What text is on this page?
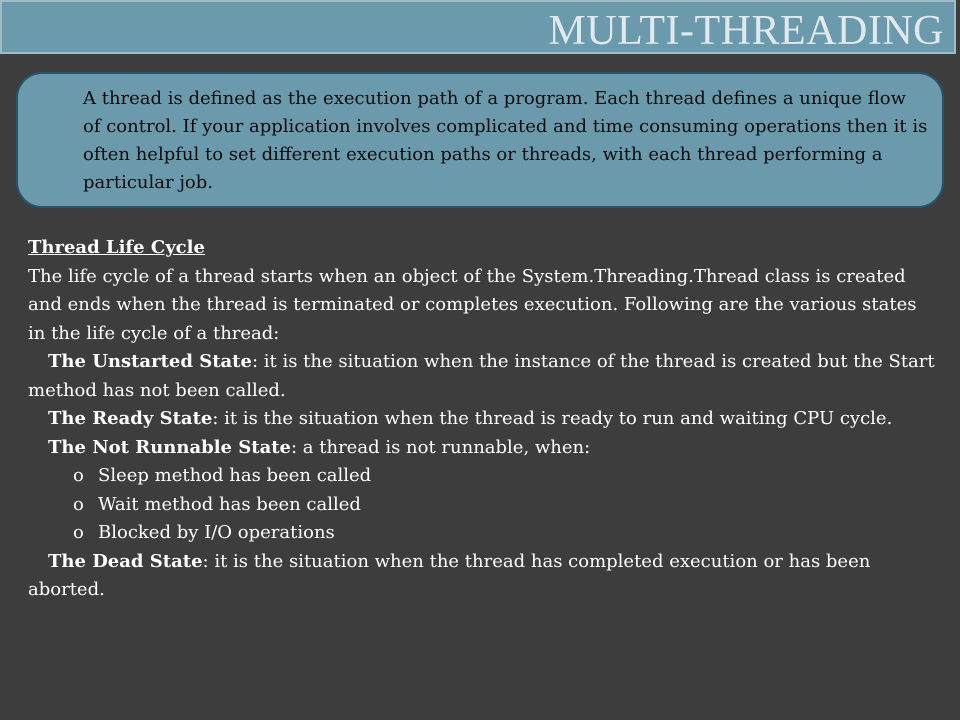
MULTI-THREADING

A thread is defined as the execution path of a program. Each thread defines a unique flow of control. If your application involves complicated and time consuming operations then it is often helpful to set different execution paths or threads, with each thread performing a particular job.

Thread Life Cycle

The life cycle of a thread starts when an object of the System.Threading.Thread class is created and ends when the thread is terminated or completes execution. Following are the various states in the life cycle of a thread:

The Unstarted State: it is the situation when the instance of the thread is created but the Start method has not been called.

The Ready State: it is the situation when the thread is ready to run and waiting CPU cycle.

The Not Runnable State: a thread is not runnable, when:

o Sleep method has been called

o Wait method has been called

o Blocked by I/O operations

The Dead State: it is the situation when the thread has completed execution or has been aborted.
